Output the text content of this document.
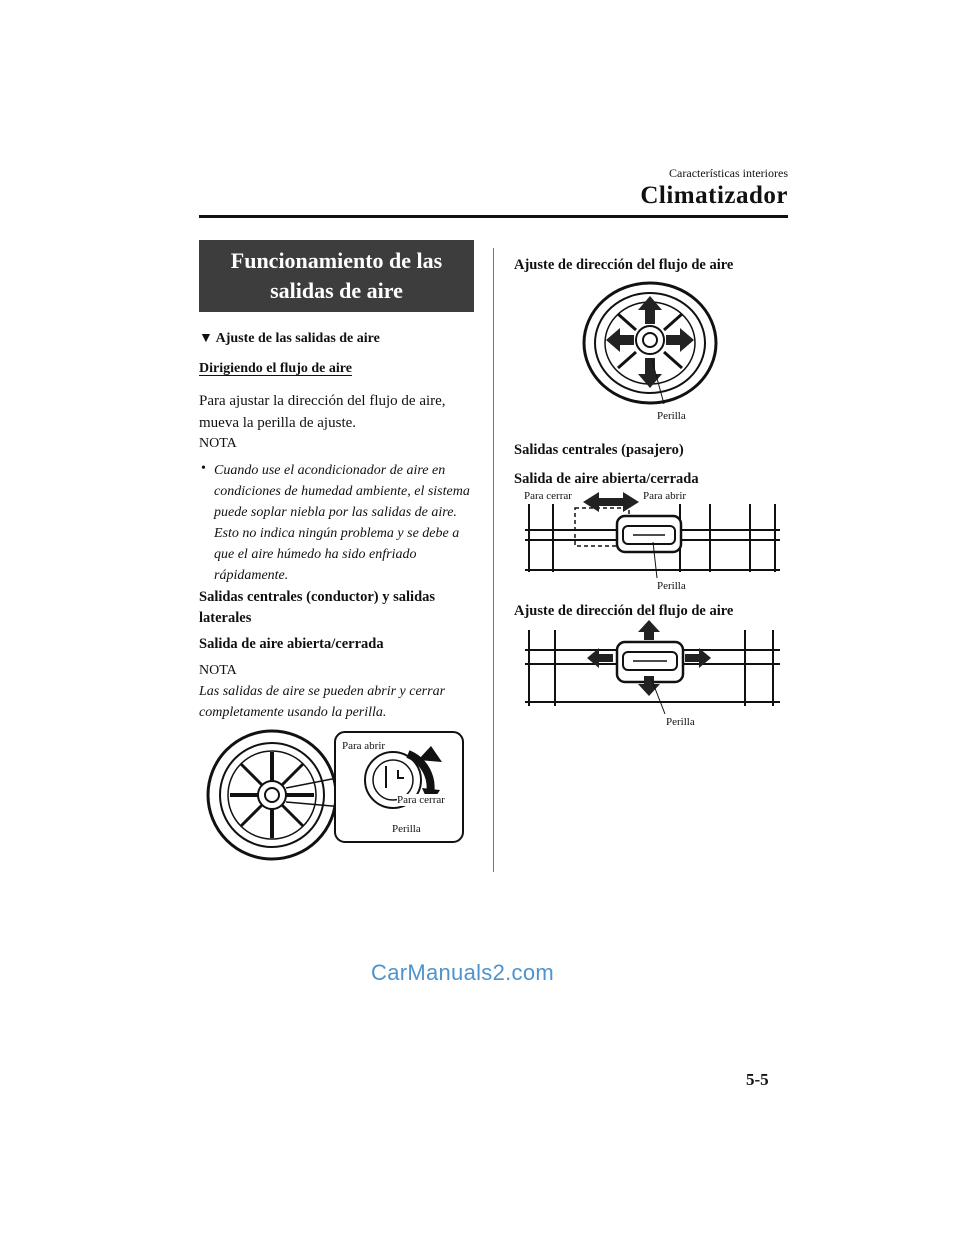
Características interiores
Climatizador
Funcionamiento de las salidas de aire
▼ Ajuste de las salidas de aire
Dirigiendo el flujo de aire
Para ajustar la dirección del flujo de aire, mueva la perilla de ajuste.
NOTA
• Cuando use el acondicionador de aire en condiciones de humedad ambiente, el sistema puede soplar niebla por las salidas de aire. Esto no indica ningún problema y se debe a que el aire húmedo ha sido enfriado rápidamente.
Salidas centrales (conductor) y salidas laterales
Salida de aire abierta/cerrada
NOTA
Las salidas de aire se pueden abrir y cerrar completamente usando la perilla.
Para abrir
Para cerrar
Perilla
Ajuste de dirección del flujo de aire
Perilla
Salidas centrales (pasajero)
Salida de aire abierta/cerrada
Para cerrar	Para abrir
Perilla
Ajuste de dirección del flujo de aire
Perilla
CarManuals2.com
5-5
